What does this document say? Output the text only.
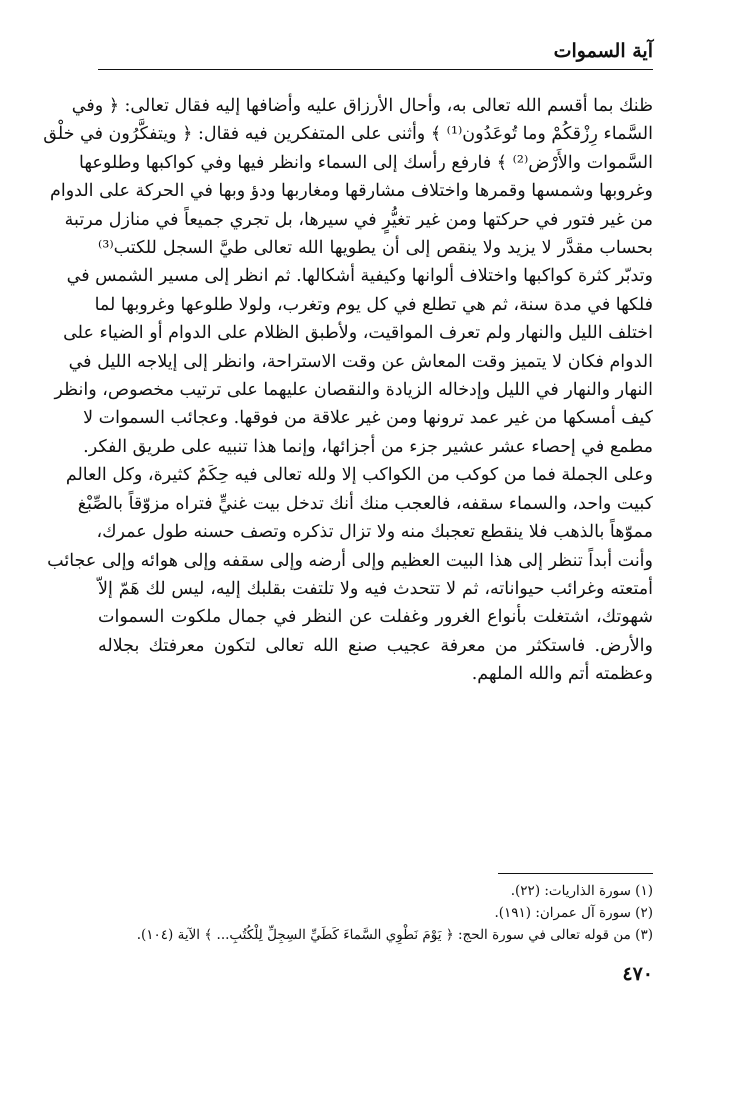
آية السموات

ظنك بما أقسم الله تعالى به، وأحال الأرزاق عليه وأضافها إليه فقال تعالى: ﴿ وفي
السَّماء رِزْقكُمْ وما تُوعَدُون⁽¹⁾ ﴾ وأثنى على المتفكرين فيه فقال: ﴿ ويتفكَّرُون في خلْق
السَّموات والأَرْض⁽²⁾ ﴾ فارفع رأسك إلى السماء وانظر فيها وفي كواكبها وطلوعها
وغروبها وشمسها وقمرها واختلاف مشارقها ومغاربها ودؤ وبها في الحركة على الدوام
من غير فتور في حركتها ومن غير تغيُّرٍ في سيرها، بل تجري جميعاً في منازل مرتبة
بحساب مقدَّر لا يزيد ولا ينقص إلى أن يطويها الله تعالى طيَّ السجل للكتب⁽³⁾
وتدبّر كثرة كواكبها واختلاف ألوانها وكيفية أشكالها. ثم انظر إلى مسير الشمس في
فلكها في مدة سنة، ثم هي تطلع في كل يوم وتغرب، ولولا طلوعها وغروبها لما
اختلف الليل والنهار ولم تعرف المواقيت، ولأطبق الظلام على الدوام أو الضياء على
الدوام فكان لا يتميز وقت المعاش عن وقت الاستراحة، وانظر إلى إيلاجه الليل في
النهار والنهار في الليل وإدخاله الزيادة والنقصان عليهما على ترتيب مخصوص، وانظر
كيف أمسكها من غير عمد ترونها ومن غير علاقة من فوقها. وعجائب السموات لا
مطمع في إحصاء عشر عشير جزء من أجزائها، وإنما هذا تنبيه على طريق الفكر.
وعلى الجملة فما من كوكب من الكواكب إلا ولله تعالى فيه حِكَمٌ كثيرة، وكل العالم
كبيت واحد، والسماء سقفه، فالعجب منك أنك تدخل بيت غنيٍّ فتراه مزوّقاً بالصِّبْغ
مموّهاً بالذهب فلا ينقطع تعجبك منه ولا تزال تذكره وتصف حسنه طول عمرك،
وأنت أبداً تنظر إلى هذا البيت العظيم وإلى أرضه وإلى سقفه وإلى هوائه وإلى عجائب
أمتعته وغرائب حيواناته، ثم لا تتحدث فيه ولا تلتفت بقلبك إليه، ليس لك هَمّ إلاّ
شهوتك، اشتغلت بأنواع الغرور وغفلت عن النظر في جمال ملكوت السموات
والأرض. فاستكثر من معرفة عجيب صنع الله تعالى لتكون معرفتك بجلاله
وعظمته أتم والله الملهم.

(١) سورة الذاريات: (٢٢).
(٢) سورة آل عمران: (١٩١).
(٣) من قوله تعالى في سورة الحج: ﴿ يَوْمَ نَطْوِي السَّماءَ كَطَيِّ السِجِلِّ لِلْكُتُبِ... ﴾ الآية (١٠٤).
٤٧٠
